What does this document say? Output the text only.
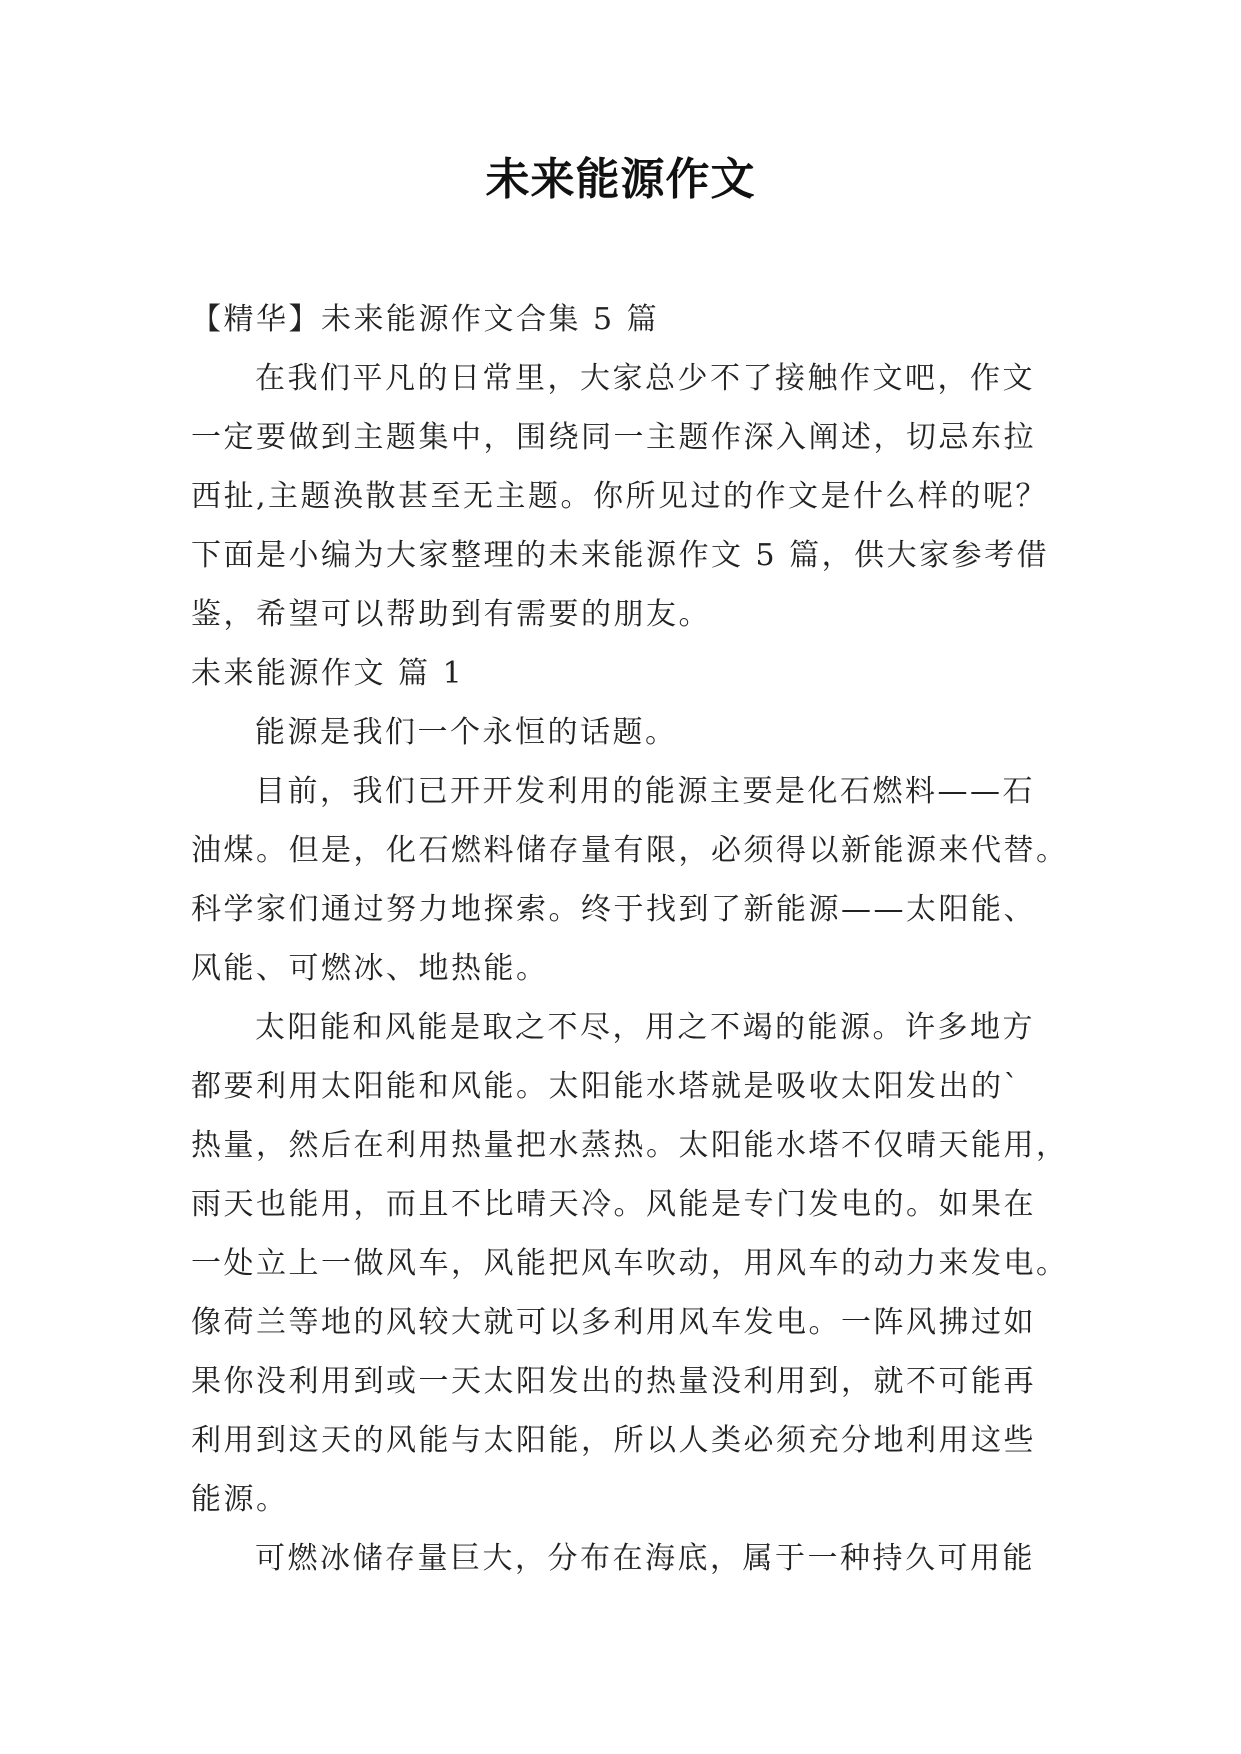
未来能源作文

【精华】未来能源作文合集 5 篇

在我们平凡的日常里，大家总少不了接触作文吧，作文

一定要做到主题集中，围绕同一主题作深入阐述，切忌东拉

西扯,主题涣散甚至无主题。你所见过的作文是什么样的呢？

下面是小编为大家整理的未来能源作文 5 篇，供大家参考借

鉴，希望可以帮助到有需要的朋友。

未来能源作文 篇 1

能源是我们一个永恒的话题。

目前，我们已开开发利用的能源主要是化石燃料——石

油煤。但是，化石燃料储存量有限，必须得以新能源来代替。

科学家们通过努力地探索。终于找到了新能源——太阳能、

风能、可燃冰、地热能。

太阳能和风能是取之不尽，用之不竭的能源。许多地方

都要利用太阳能和风能。太阳能水塔就是吸收太阳发出的`

热量，然后在利用热量把水蒸热。太阳能水塔不仅晴天能用，

雨天也能用，而且不比晴天冷。风能是专门发电的。如果在

一处立上一做风车，风能把风车吹动，用风车的动力来发电。

像荷兰等地的风较大就可以多利用风车发电。一阵风拂过如

果你没利用到或一天太阳发出的热量没利用到，就不可能再

利用到这天的风能与太阳能，所以人类必须充分地利用这些

能源。

可燃冰储存量巨大，分布在海底，属于一种持久可用能
